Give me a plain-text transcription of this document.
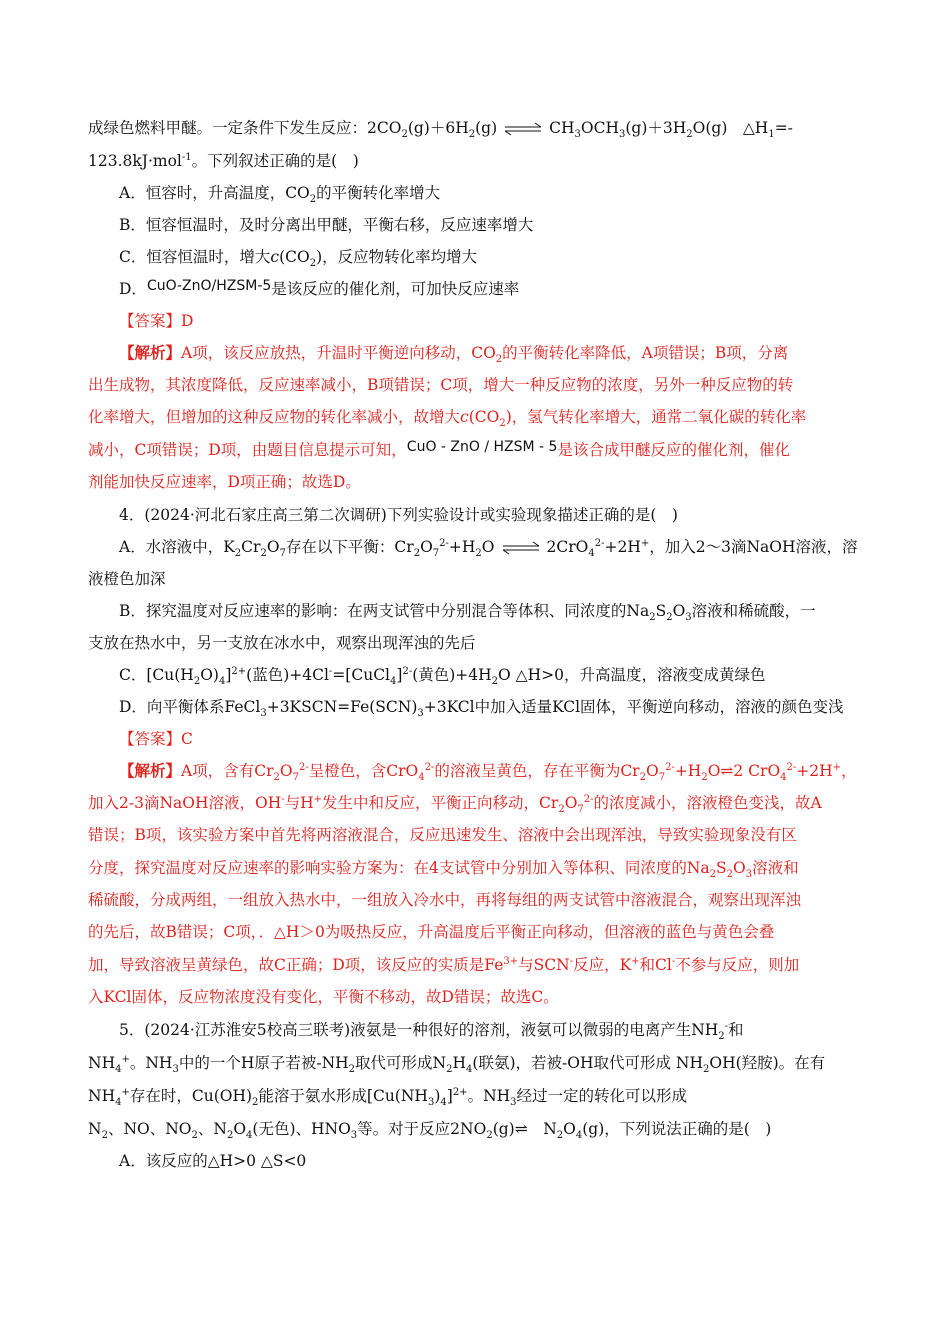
成绿色燃料甲醚。一定条件下发生反应：$2CO_2(g)+6H_2(g)$ ⇌ $CH_3OCH_3(g)+3H_2O(g)$　$\triangle H_1=-$
123.8kJ·mol$^{-1}$。下列叙述正确的是(　)
A．恒容时，升高温度，$CO_2$的平衡转化率增大
B．恒容恒温时，及时分离出甲醚，平衡右移，反应速率增大
C．恒容恒温时，增大$c(CO_2)$，反应物转化率均增大
D．CuO-ZnO/HZSM-5是该反应的催化剂，可加快反应速率
【答案】D
【解析】A项，该反应放热，升温时平衡逆向移动，$CO_2$的平衡转化率降低，A项错误；B项，分离
出生成物，其浓度降低，反应速率减小，B项错误；C项，增大一种反应物的浓度，另外一种反应物的转
化率增大，但增加的这种反应物的转化率减小，故增大$c(CO_2)$，氢气转化率增大，通常二氧化碳的转化率
减小，C项错误；D项，由题目信息提示可知，CuO - ZnO / HZSM - 5是该合成甲醚反应的催化剂，催化
剂能加快反应速率，D项正确；故选D。
4．(2024·河北石家庄高三第二次调研)下列实验设计或实验现象描述正确的是(　)
A．水溶液中，$K_2Cr_2O_7$存在以下平衡：$Cr_2O_7^{2-}+H_2O$ ⇌ 2CrO$_4^{2-}$+2H+，加入2～3滴NaOH溶液，溶
液橙色加深
B．探究温度对反应速率的影响：在两支试管中分别混合等体积、同浓度的$Na_2S_2O_3$溶液和稀硫酸，一
支放在热水中，另一支放在冰水中，观察出现浑浊的先后
C．$[Cu(H_2O)_4]^{2+}$(蓝色)+4Cl-=[CuCl$_4$]$^{2-}$(黄色)$+4H_2O$ △H>0，升高温度，溶液变成黄绿色
D．向平衡体系$FeCl_3+3KSCN=Fe(SCN)_3+3KCl$中加入适量KCl固体，平衡逆向移动，溶液的颜色变浅
【答案】C
【解析】A项，含有$Cr_2O_7^{2-}$呈橙色，含CrO$_4^{2-}$的溶液呈黄色，存在平衡为$Cr_2O_7^{2-}+H_2O\rightleftharpoons 2$ CrO$_4^{2-}$+2H+，
加入2-3滴NaOH溶液，OH-与H+发生中和反应，平衡正向移动，$Cr_2O_7^{2-}$的浓度减小，溶液橙色变浅，故A
错误；B项，该实验方案中首先将两溶液混合，反应迅速发生、溶液中会出现浑浊，导致实验现象没有区
分度，探究温度对反应速率的影响实验方案为：在4支试管中分别加入等体积、同浓度的$Na_2S_2O_3$溶液和
稀硫酸，分成两组，一组放入热水中，一组放入冷水中，再将每组的两支试管中溶液混合，观察出现浑浊
的先后，故B错误；C项，．△H＞0为吸热反应，升高温度后平衡正向移动，但溶液的蓝色与黄色会叠
加，导致溶液呈黄绿色，故C正确；D项，该反应的实质是$Fe^{3+}$与SCN-反应，K+和Cl-不参与反应，则加
入KCl固体，反应物浓度没有变化，平衡不移动，故D错误；故选C。
5．(2024·江苏淮安5校高三联考)液氨是一种很好的溶剂，液氨可以微弱的电离产生$NH_2^-$和
$NH_4^+$。$NH_3$中的一个H原子若被$-NH_2$取代可形成$N_2H_4$(联氨)，若被-OH取代可形成 $NH_2OH$(羟胺)。在有
$NH_4^+$存在时，$Cu(OH)_2$能溶于氨水形成$[Cu(NH_3)_4]^{2+}$。$NH_3$经过一定的转化可以形成
$N_2$、NO、$NO_2$、$N_2O_4$(无色)、$HNO_3$等。对于反应$2NO_2(g)\rightleftharpoons$　$N_2O_4(g)$，下列说法正确的是(　)
A．该反应的△H>0 △S<0
